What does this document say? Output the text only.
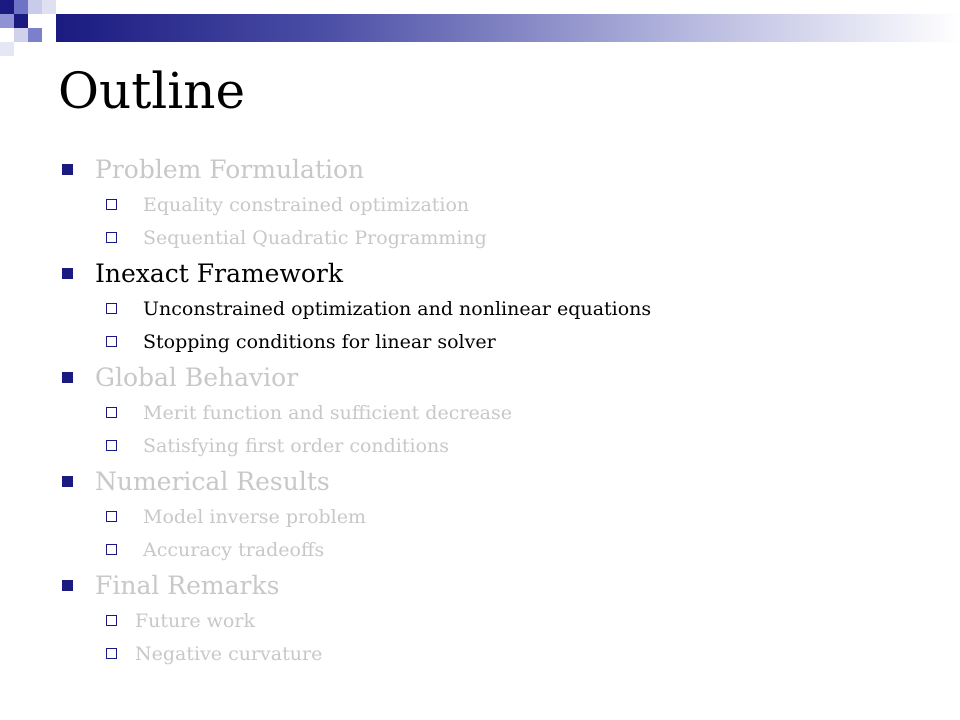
Outline
Problem Formulation
Equality constrained optimization
Sequential Quadratic Programming
Inexact Framework
Unconstrained optimization and nonlinear equations
Stopping conditions for linear solver
Global Behavior
Merit function and sufficient decrease
Satisfying first order conditions
Numerical Results
Model inverse problem
Accuracy tradeoffs
Final Remarks
Future work
Negative curvature
